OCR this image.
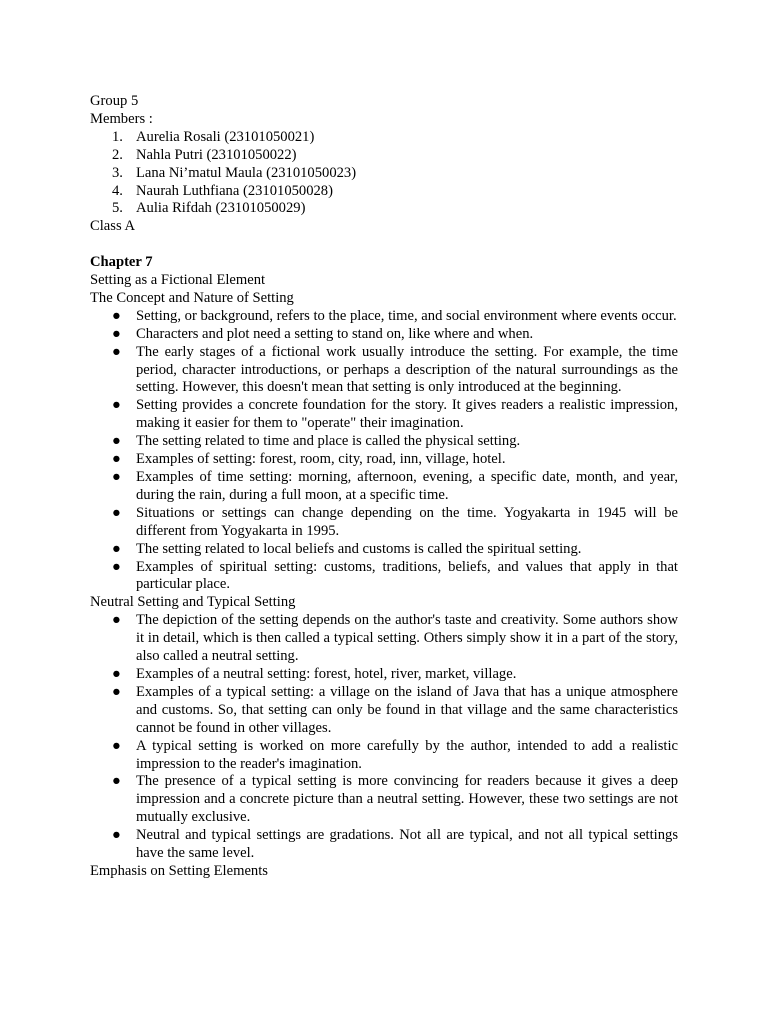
Group 5

Members :

1. Aurelia Rosali (23101050021)
2. Nahla Putri (23101050022)
3. Lana Ni’matul Maula (23101050023)
4. Naurah Luthfiana (23101050028)
5. Aulia Rifdah (23101050029)

Class A

Chapter 7

Setting as a Fictional Element

The Concept and Nature of Setting

● Setting, or background, refers to the place, time, and social environment where events occur.
● Characters and plot need a setting to stand on, like where and when.
● The early stages of a fictional work usually introduce the setting. For example, the time period, character introductions, or perhaps a description of the natural surroundings as the setting. However, this doesn't mean that setting is only introduced at the beginning.
● Setting provides a concrete foundation for the story. It gives readers a realistic impression, making it easier for them to "operate" their imagination.
● The setting related to time and place is called the physical setting.
● Examples of setting: forest, room, city, road, inn, village, hotel.
● Examples of time setting: morning, afternoon, evening, a specific date, month, and year, during the rain, during a full moon, at a specific time.
● Situations or settings can change depending on the time. Yogyakarta in 1945 will be different from Yogyakarta in 1995.
● The setting related to local beliefs and customs is called the spiritual setting.
● Examples of spiritual setting: customs, traditions, beliefs, and values that apply in that particular place.

Neutral Setting and Typical Setting

● The depiction of the setting depends on the author's taste and creativity. Some authors show it in detail, which is then called a typical setting. Others simply show it in a part of the story, also called a neutral setting.
● Examples of a neutral setting: forest, hotel, river, market, village.
● Examples of a typical setting: a village on the island of Java that has a unique atmosphere and customs. So, that setting can only be found in that village and the same characteristics cannot be found in other villages.
● A typical setting is worked on more carefully by the author, intended to add a realistic impression to the reader's imagination.
● The presence of a typical setting is more convincing for readers because it gives a deep impression and a concrete picture than a neutral setting. However, these two settings are not mutually exclusive.
● Neutral and typical settings are gradations. Not all are typical, and not all typical settings have the same level.

Emphasis on Setting Elements
